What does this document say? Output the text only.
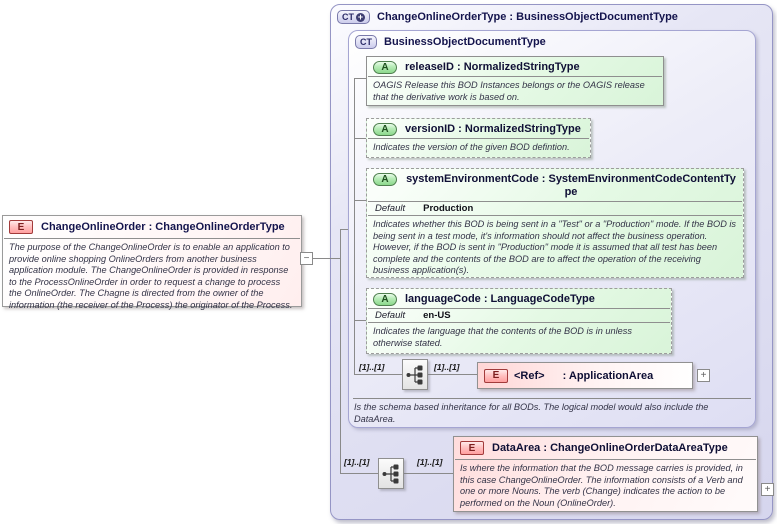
CT + ChangeOnlineOrderType : BusinessObjectDocumentType
CT BusinessObjectDocumentType
A	releaseID : NormalizedStringType
OAGIS Release this BOD Instances belongs or the OAGIS release that the derivative work is based on.
A	versionID : NormalizedStringType
Indicates the version of the given BOD defintion.
A	systemEnvironmentCode : SystemEnvironmentCodeContentType
Default Production
Indicates whether this BOD is being sent in a "Test" or a "Production" mode. If the BOD is being sent in a test mode, it's information should not affect the business operation. However, if the BOD is sent in "Production" mode it is assumed that all test has been complete and the contents of the BOD are to affect the operation of the receiving business application(s).
A	languageCode : LanguageCodeType
Default en-US
Indicates the language that the contents of the BOD is in unless otherwise stated.
[1]..[1]	[1]..[1]
E	<Ref> : ApplicationArea	+
Is the schema based inheritance for all BODs. The logical model would also include the DataArea.
[1]..[1]	[1]..[1]
E	DataArea : ChangeOnlineOrderDataAreaType
Is where the information that the BOD message carries is provided, in this case ChangeOnlineOrder. The information consists of a Verb and one or more Nouns. The verb (Change) indicates the action to be performed on the Noun (OnlineOrder).
+
E	ChangeOnlineOrder : ChangeOnlineOrderType
The purpose of the ChangeOnlineOrder is to enable an application to provide online shopping OnlineOrders from another business application module. The ChangeOnlineOrder is provided in response to the ProcessOnlineOrder in order to request a change to process the OnlineOrder. The Chagne is directed from the owner of the information (the receiver of the Process) the originator of the Process.
−
